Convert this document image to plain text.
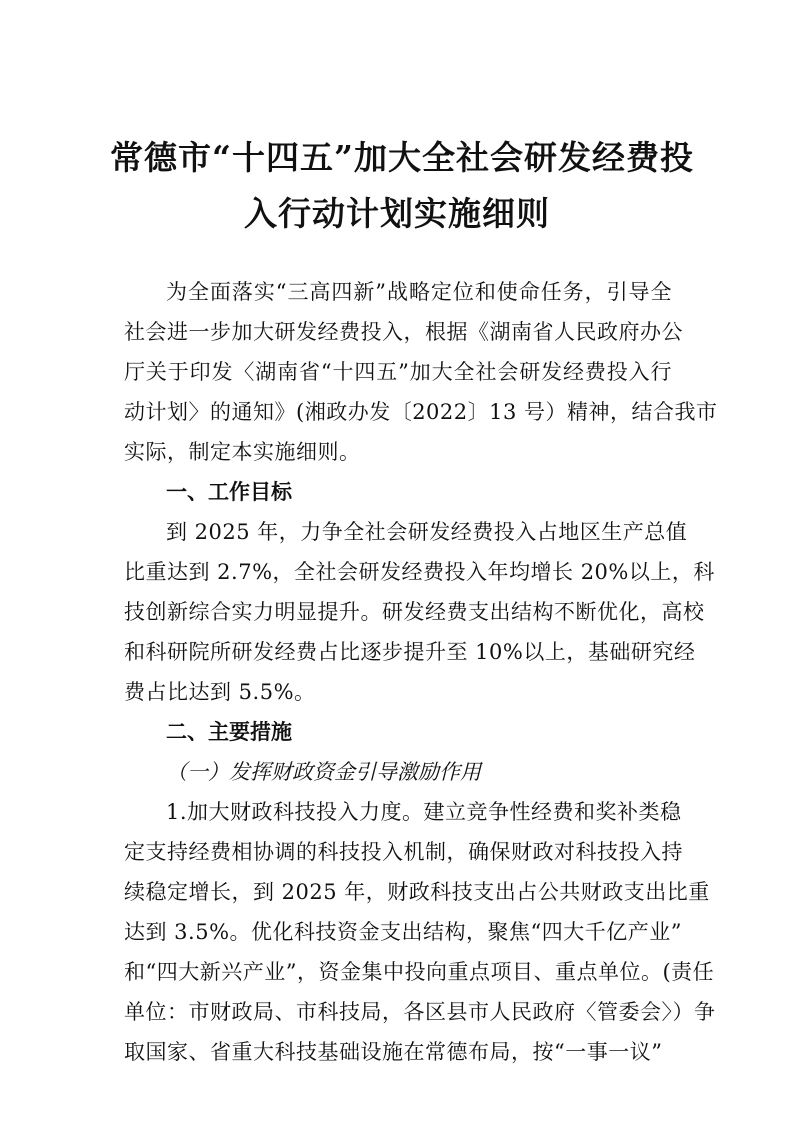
常德市“十四五”加大全社会研发经费投
入行动计划实施细则
为全面落实“三高四新”战略定位和使命任务，引导全
社会进一步加大研发经费投入，根据《湖南省人民政府办公
厅关于印发〈湖南省“十四五”加大全社会研发经费投入行
动计划〉的通知》(湘政办发〔2022〕13 号）精神，结合我市
实际，制定本实施细则。
一、工作目标
到 2025 年，力争全社会研发经费投入占地区生产总值
比重达到 2.7%，全社会研发经费投入年均增长 20%以上，科
技创新综合实力明显提升。研发经费支出结构不断优化，高校
和科研院所研发经费占比逐步提升至 10%以上，基础研究经
费占比达到 5.5%。
二、主要措施
（一）发挥财政资金引导激励作用
1.加大财政科技投入力度。建立竞争性经费和奖补类稳
定支持经费相协调的科技投入机制，确保财政对科技投入持
续稳定增长，到 2025 年，财政科技支出占公共财政支出比重
达到 3.5%。优化科技资金支出结构，聚焦“四大千亿产业”
和“四大新兴产业”，资金集中投向重点项目、重点单位。(责任
单位：市财政局、市科技局，各区县市人民政府〈管委会〉）争
取国家、省重大科技基础设施在常德布局，按“一事一议”
